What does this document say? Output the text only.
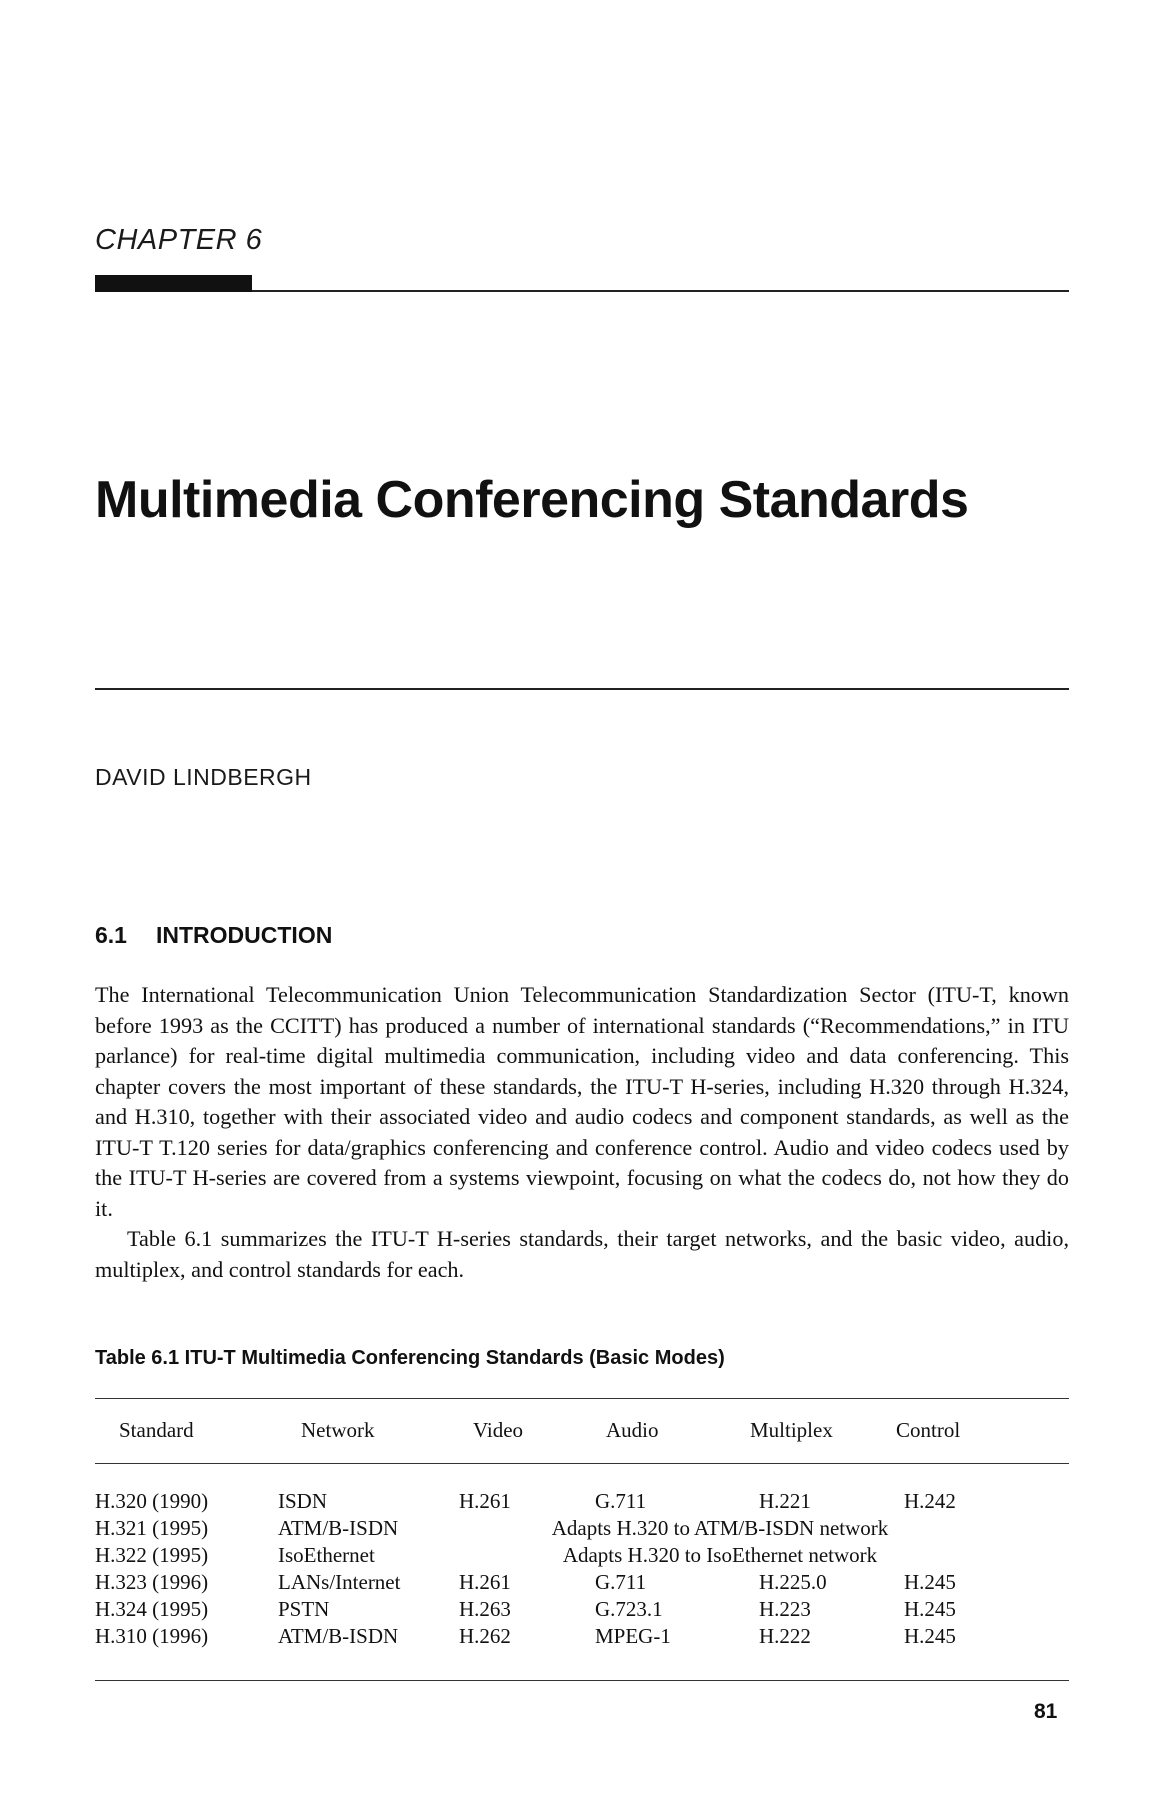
CHAPTER 6
Multimedia Conferencing Standards
DAVID LINDBERGH
6.1 INTRODUCTION

The International Telecommunication Union Telecommunication Standardization Sector (ITU-T, known before 1993 as the CCITT) has produced a number of international standards (“Recommendations,” in ITU parlance) for real-time digital multimedia communication, including video and data conferencing. This chapter covers the most important of these standards, the ITU-T H-series, including H.320 through H.324, and H.310, together with their associated video and audio codecs and component standards, as well as the ITU-T T.120 series for data/graphics conferencing and conference control. Audio and video codecs used by the ITU-T H-series are covered from a systems viewpoint, focusing on what the codecs do, not how they do it.

Table 6.1 summarizes the ITU-T H-series standards, their target networks, and the basic video, audio, multiplex, and control standards for each.

Table 6.1 ITU-T Multimedia Conferencing Standards (Basic Modes)
Standard	Network	Video	Audio	Multiplex	Control
H.320 (1990)	ISDN	H.261	G.711	H.221	H.242
H.321 (1995)	ATM/B-ISDN	Adapts H.320 to ATM/B-ISDN network
H.322 (1995)	IsoEthernet	Adapts H.320 to IsoEthernet network
H.323 (1996)	LANs/Internet	H.261	G.711	H.225.0	H.245
H.324 (1995)	PSTN	H.263	G.723.1	H.223	H.245
H.310 (1996)	ATM/B-ISDN	H.262	MPEG-1	H.222	H.245
81
